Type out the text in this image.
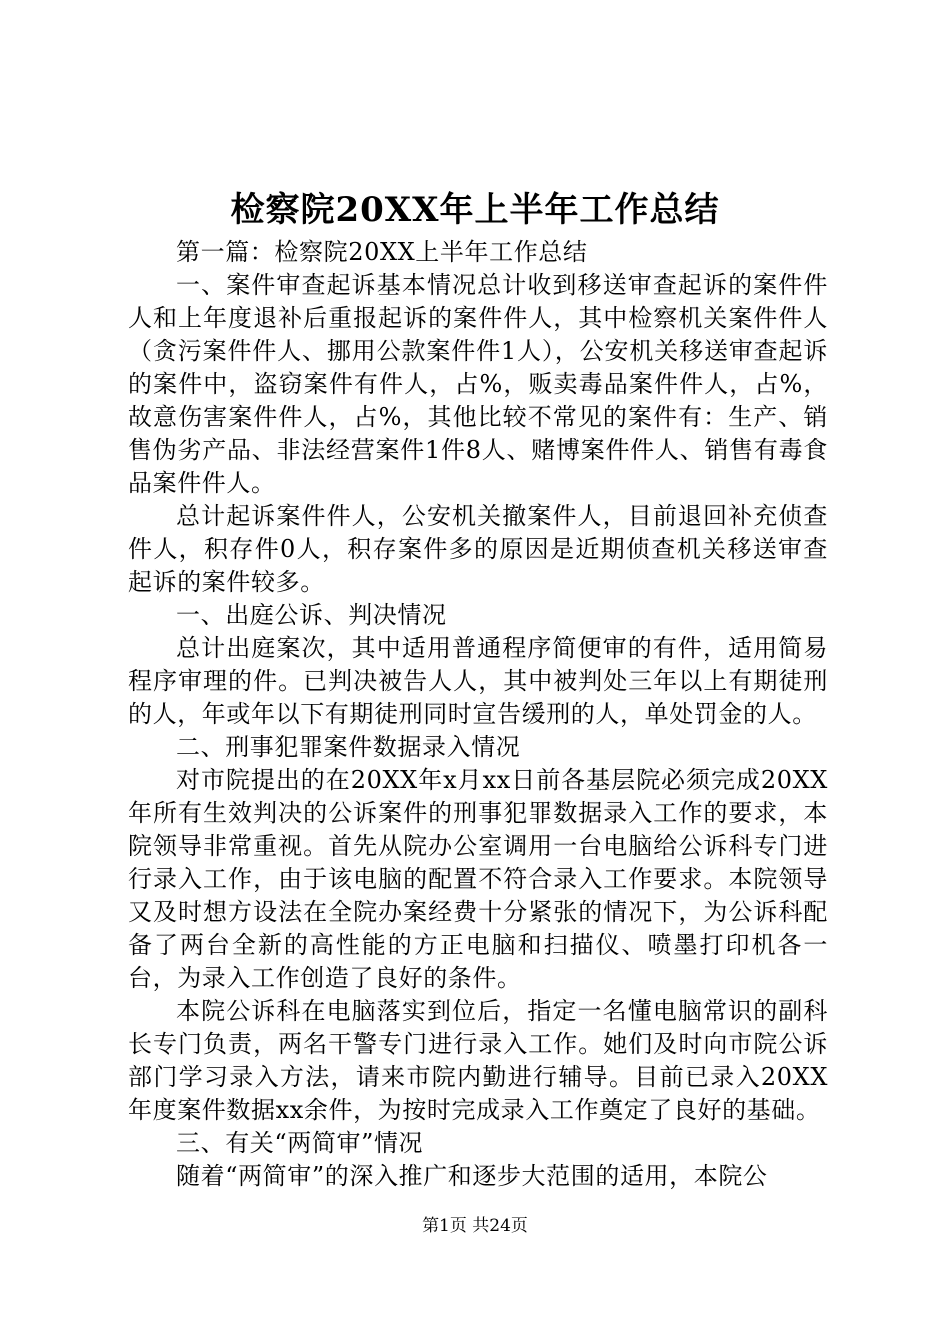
检察院20XX年上半年工作总结

第一篇：检察院20XX上半年工作总结

一、案件审查起诉基本情况总计收到移送审查起诉的案件件人和上年度退补后重报起诉的案件件人，其中检察机关案件件人（贪污案件件人、挪用公款案件件1人），公安机关移送审查起诉的案件中，盗窃案件有件人，占%，贩卖毒品案件件人，占%，故意伤害案件件人，占%，其他比较不常见的案件有：生产、销售伪劣产品、非法经营案件1件8人、赌博案件件人、销售有毒食品案件件人。

总计起诉案件件人，公安机关撤案件人，目前退回补充侦查件人，积存件0人，积存案件多的原因是近期侦查机关移送审查起诉的案件较多。

一、出庭公诉、判决情况

总计出庭案次，其中适用普通程序简便审的有件，适用简易程序审理的件。已判决被告人人，其中被判处三年以上有期徒刑的人，年或年以下有期徒刑同时宣告缓刑的人，单处罚金的人。

二、刑事犯罪案件数据录入情况

对市院提出的在20XX年x月xx日前各基层院必须完成20XX年所有生效判决的公诉案件的刑事犯罪数据录入工作的要求，本院领导非常重视。首先从院办公室调用一台电脑给公诉科专门进行录入工作，由于该电脑的配置不符合录入工作要求。本院领导又及时想方设法在全院办案经费十分紧张的情况下，为公诉科配备了两台全新的高性能的方正电脑和扫描仪、喷墨打印机各一台，为录入工作创造了良好的条件。

本院公诉科在电脑落实到位后，指定一名懂电脑常识的副科长专门负责，两名干警专门进行录入工作。她们及时向市院公诉部门学习录入方法，请来市院内勤进行辅导。目前已录入20XX年度案件数据xx余件，为按时完成录入工作奠定了良好的基础。

三、有关“两简审”情况

随着“两简审”的深入推广和逐步大范围的适用，本院公

第1页 共24页
